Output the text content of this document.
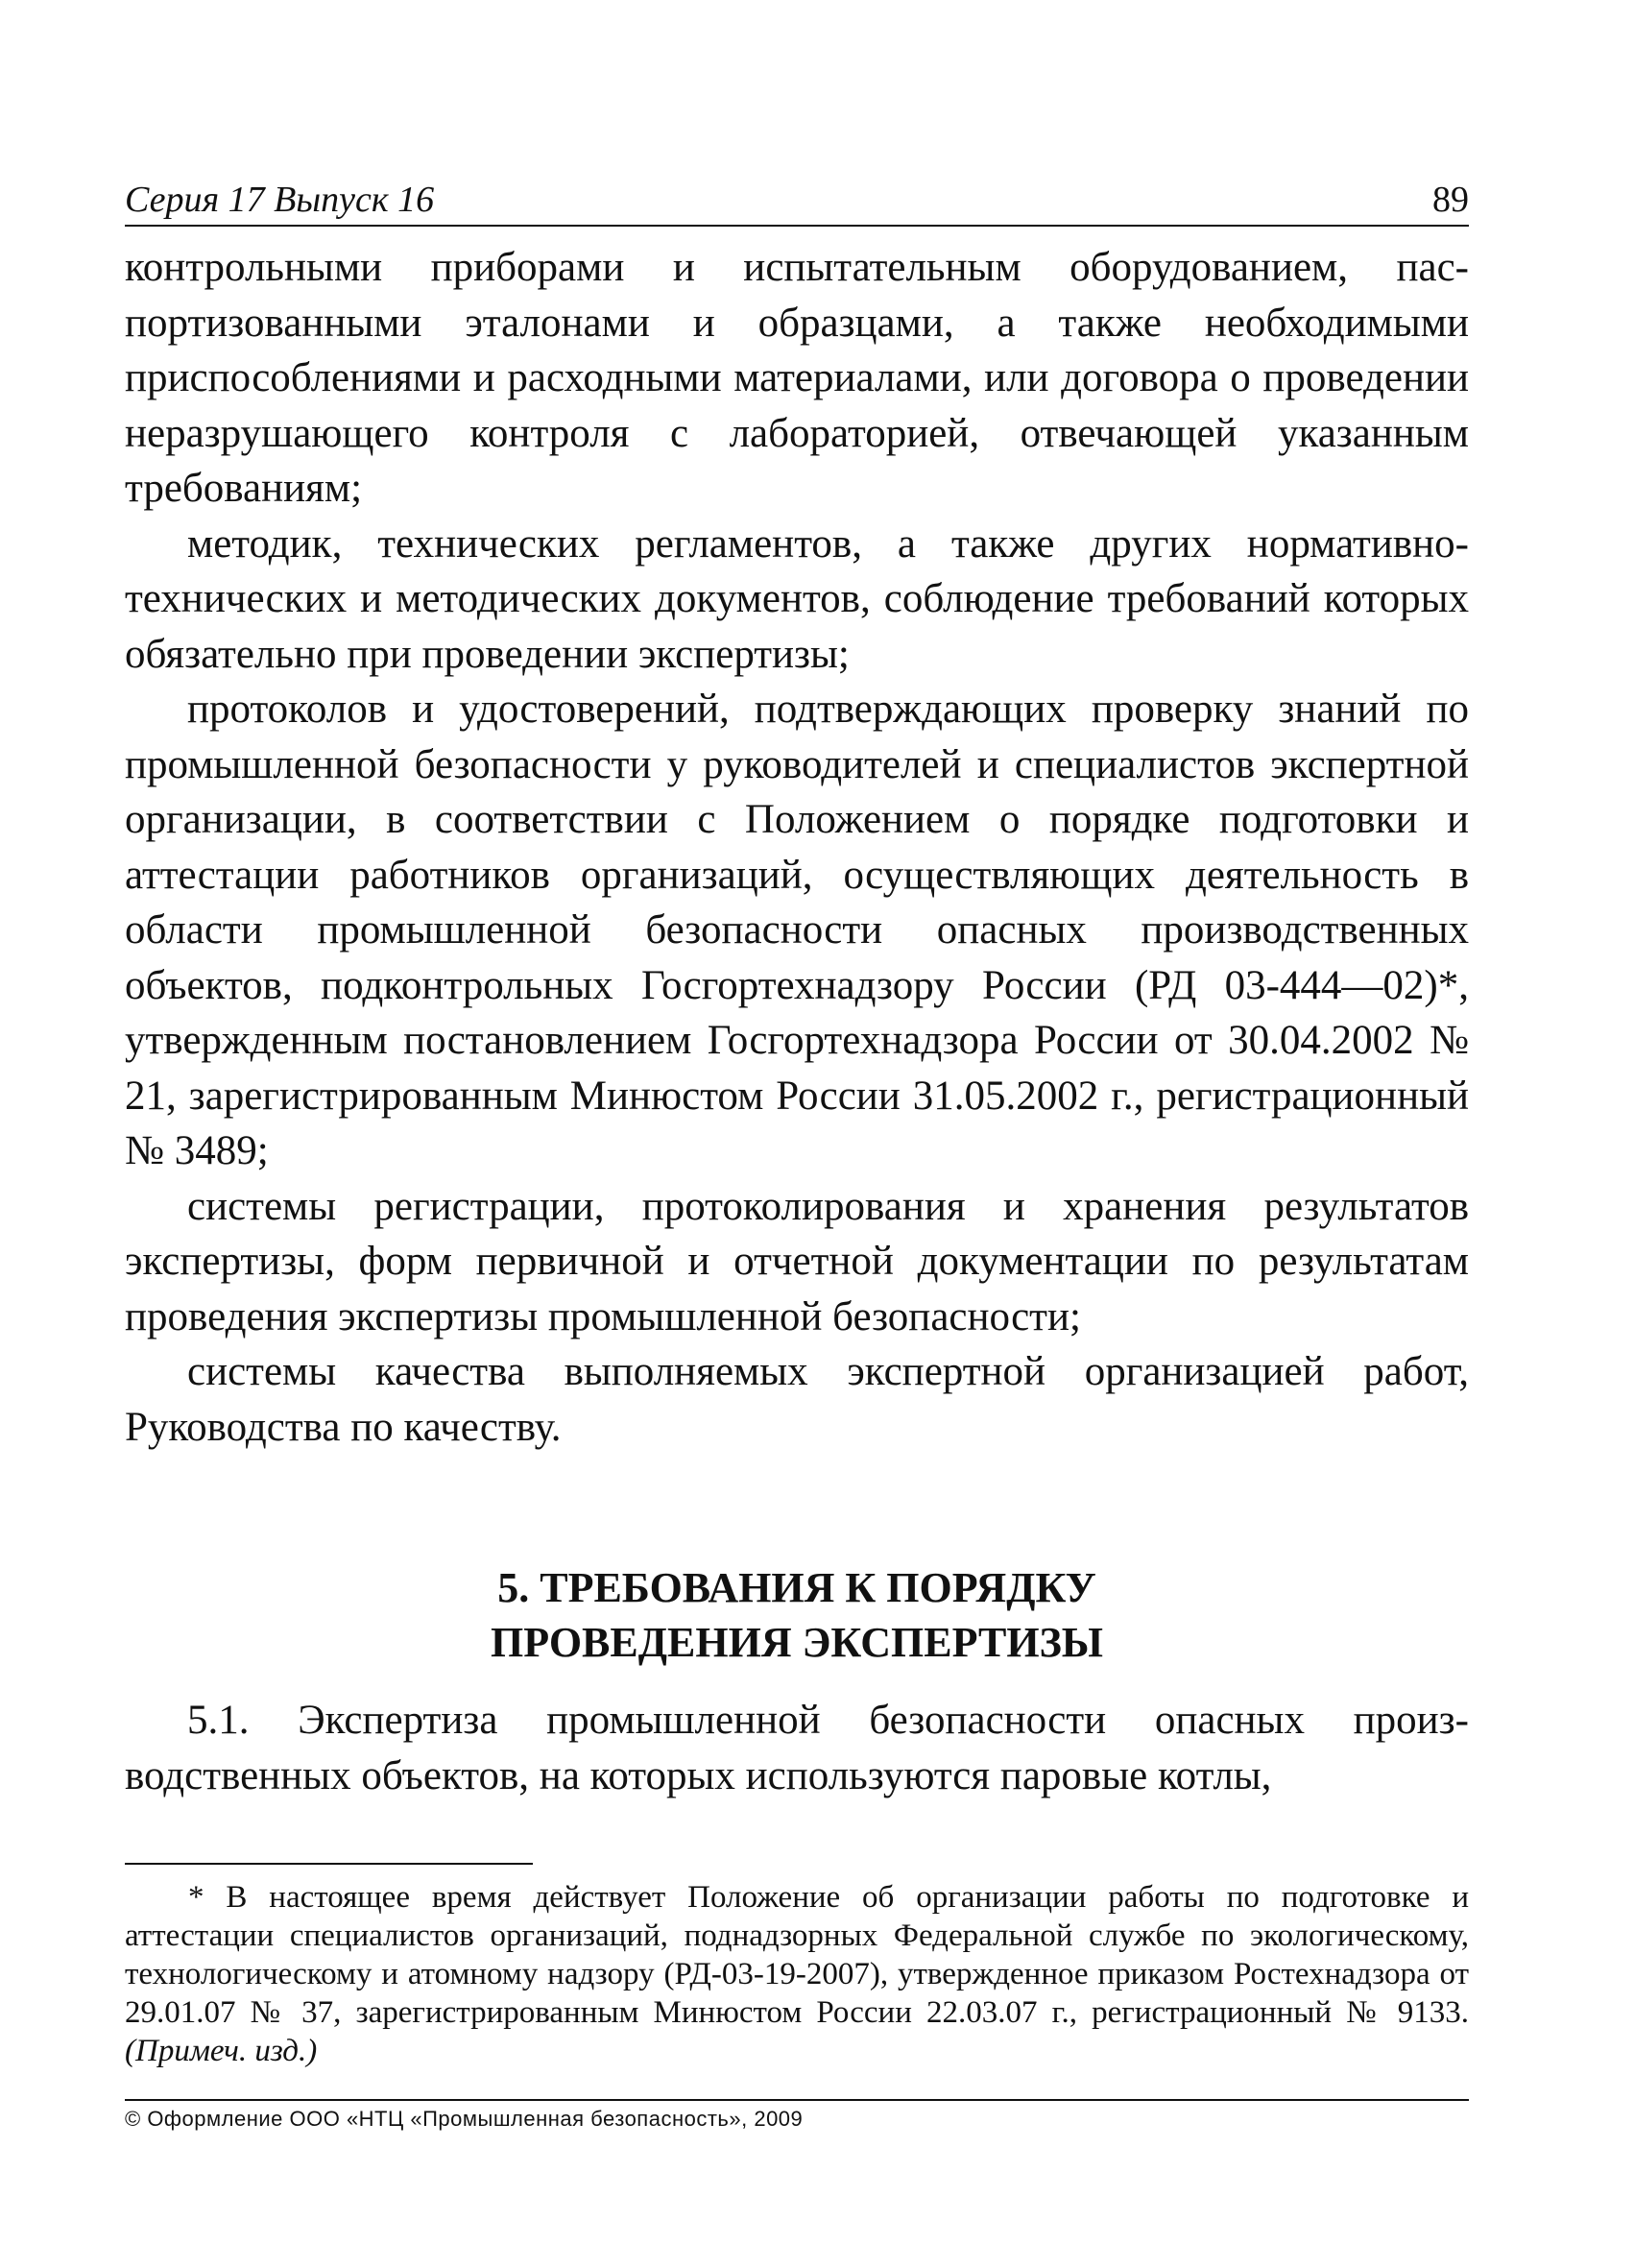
Серия 17 Выпуск 16	89

контрольными приборами и испытательным оборудованием, паспортизованными эталонами и образцами, а также необходимыми приспособлениями и расходными материалами, или договора о проведении неразрушающего контроля с лабораторией, отвечающей указанным требованиям;

методик, технических регламентов, а также других нормативно-технических и методических документов, соблюдение требований которых обязательно при проведении экспертизы;

протоколов и удостоверений, подтверждающих проверку знаний по промышленной безопасности у руководителей и специалистов экспертной организации, в соответствии с Положением о порядке подготовки и аттестации работников организаций, осуществляющих деятельность в области промышленной безопасности опасных производственных объектов, подконтрольных Госгортехнадзору России (РД 03-444—02)*, утвержденным постановлением Госгортехнадзора России от 30.04.2002 № 21, зарегистрированным Минюстом России 31.05.2002 г., регистрационный № 3489;

системы регистрации, протоколирования и хранения результатов экспертизы, форм первичной и отчетной документации по результатам проведения экспертизы промышленной безопасности;

системы качества выполняемых экспертной организацией работ, Руководства по качеству.

5. ТРЕБОВАНИЯ К ПОРЯДКУ
ПРОВЕДЕНИЯ ЭКСПЕРТИЗЫ

5.1. Экспертиза промышленной безопасности опасных производственных объектов, на которых используются паровые котлы,

* В настоящее время действует Положение об организации работы по подготовке и аттестации специалистов организаций, поднадзорных Федеральной службе по экологическому, технологическому и атомному надзору (РД-03-19-2007), утвержденное приказом Ростехнадзора от 29.01.07 № 37, зарегистрированным Минюстом России 22.03.07 г., регистрационный № 9133. (Примеч. изд.)
© Оформление ООО «НТЦ «Промышленная безопасность», 2009
